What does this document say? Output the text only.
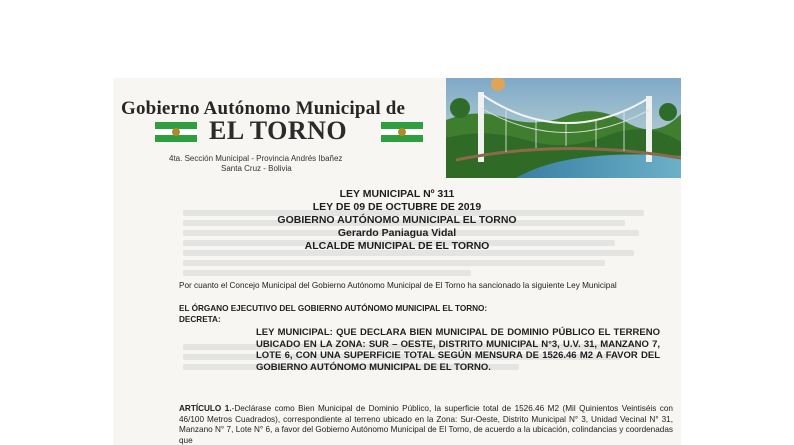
Gobierno Autónomo Municipal de
EL TORNO
4ta. Sección Municipal - Provincia Andrés Ibañez
Santa Cruz - Bolivia
LEY MUNICIPAL Nº 311
LEY DE 09 DE OCTUBRE DE 2019
GOBIERNO AUTÓNOMO MUNICIPAL EL TORNO
Gerardo Paniagua Vidal
ALCALDE MUNICIPAL DE EL TORNO
Por cuanto el Concejo Municipal del Gobierno Autónomo Municipal de El Torno ha sancionado la siguiente Ley Municipal
EL ÓRGANO EJECUTIVO DEL GOBIERNO AUTÓNOMO MUNICIPAL EL TORNO:
DECRETA:
LEY MUNICIPAL: QUE DECLARA BIEN MUNICIPAL DE DOMINIO PÚBLICO EL TERRENO UBICADO EN LA ZONA: SUR – OESTE, DISTRITO MUNICIPAL N°3, U.V. 31, MANZANO 7, LOTE 6, CON UNA SUPERFICIE TOTAL SEGÚN MENSURA DE 1526.46 M2 A FAVOR DEL GOBIERNO AUTÓNOMO MUNICIPAL DE EL TORNO.
ARTÍCULO 1.-Declárase como Bien Municipal de Dominio Público, la superficie total de 1526.46 M2 (Mil Quinientos Veintiséis con 46/100 Metros Cuadrados), correspondiente al terreno ubicado en la Zona: Sur-Oeste, Distrito Municipal N° 3, Unidad Vecinal N° 31, Manzano N° 7, Lote N° 6, a favor del Gobierno Autónomo Municipal de El Torno, de acuerdo a la ubicación, colindancias y coordenadas que
